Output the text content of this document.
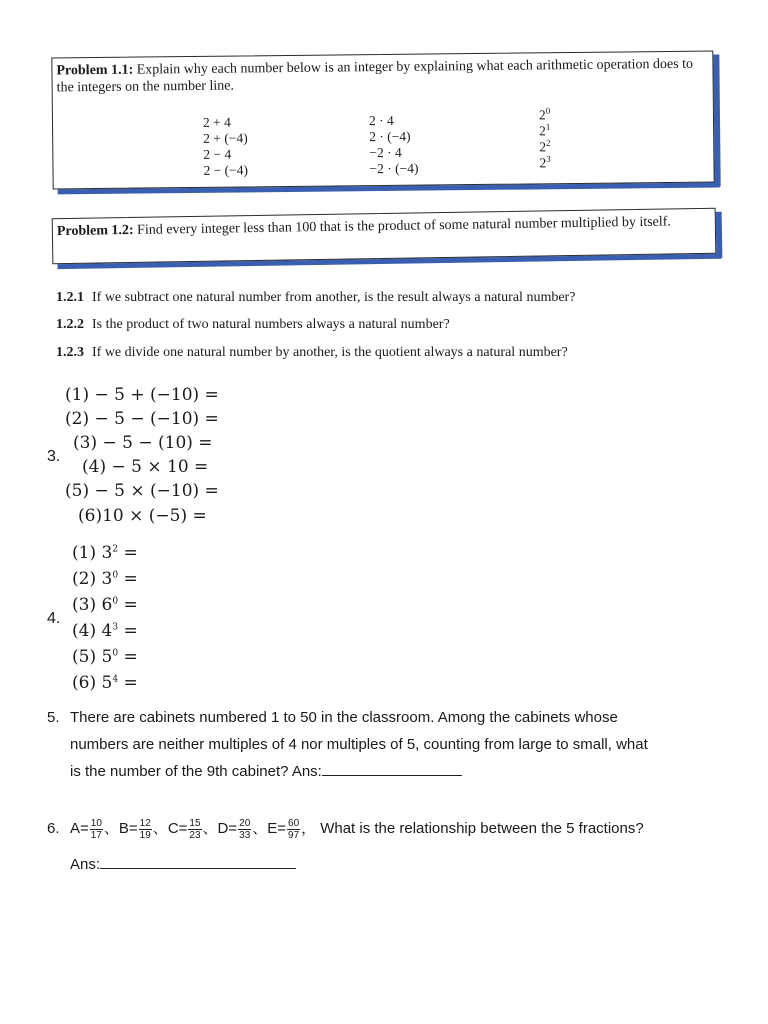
Problem 1.1: Explain why each number below is an integer by explaining what each arithmetic operation does to the integers on the number line.
2 + 4
2 + (−4)
2 − 4
2 − (−4)
2 · 4
2 · (−4)
−2 · 4
−2 · (−4)
$2^0$
$2^1$
$2^2$
$2^3$
Problem 1.2: Find every integer less than 100 that is the product of some natural number multiplied by itself.
1.2.1 If we subtract one natural number from another, is the result always a natural number?
1.2.2 Is the product of two natural numbers always a natural number?
1.2.3 If we divide one natural number by another, is the quotient always a natural number?
3.
(1) − 5 + (−10) =
(2) − 5 − (−10) =
(3) − 5 − (10) =
(4) − 5 × 10 =
(5) − 5 × (−10) =
(6)10 × (−5) =
4.
(1) $3^2$ =
(2) $3^0$ =
(3) $6^0$ =
(4) $4^3$ =
(5) $5^0$ =
(6) $5^4$ =
5. There are cabinets numbered 1 to 50 in the classroom. Among the cabinets whose
numbers are neither multiples of 4 nor multiples of 5, counting from large to small, what
is the number of the 9th cabinet? Ans:
6. $A= \frac{10}{17}$ 、 $B= \frac{12}{19}$ 、 $C= \frac{15}{23}$ 、 $D= \frac{20}{33}$ 、 $E= \frac{60}{97}$ ， What is the relationship between the 5 fractions?
Ans:
